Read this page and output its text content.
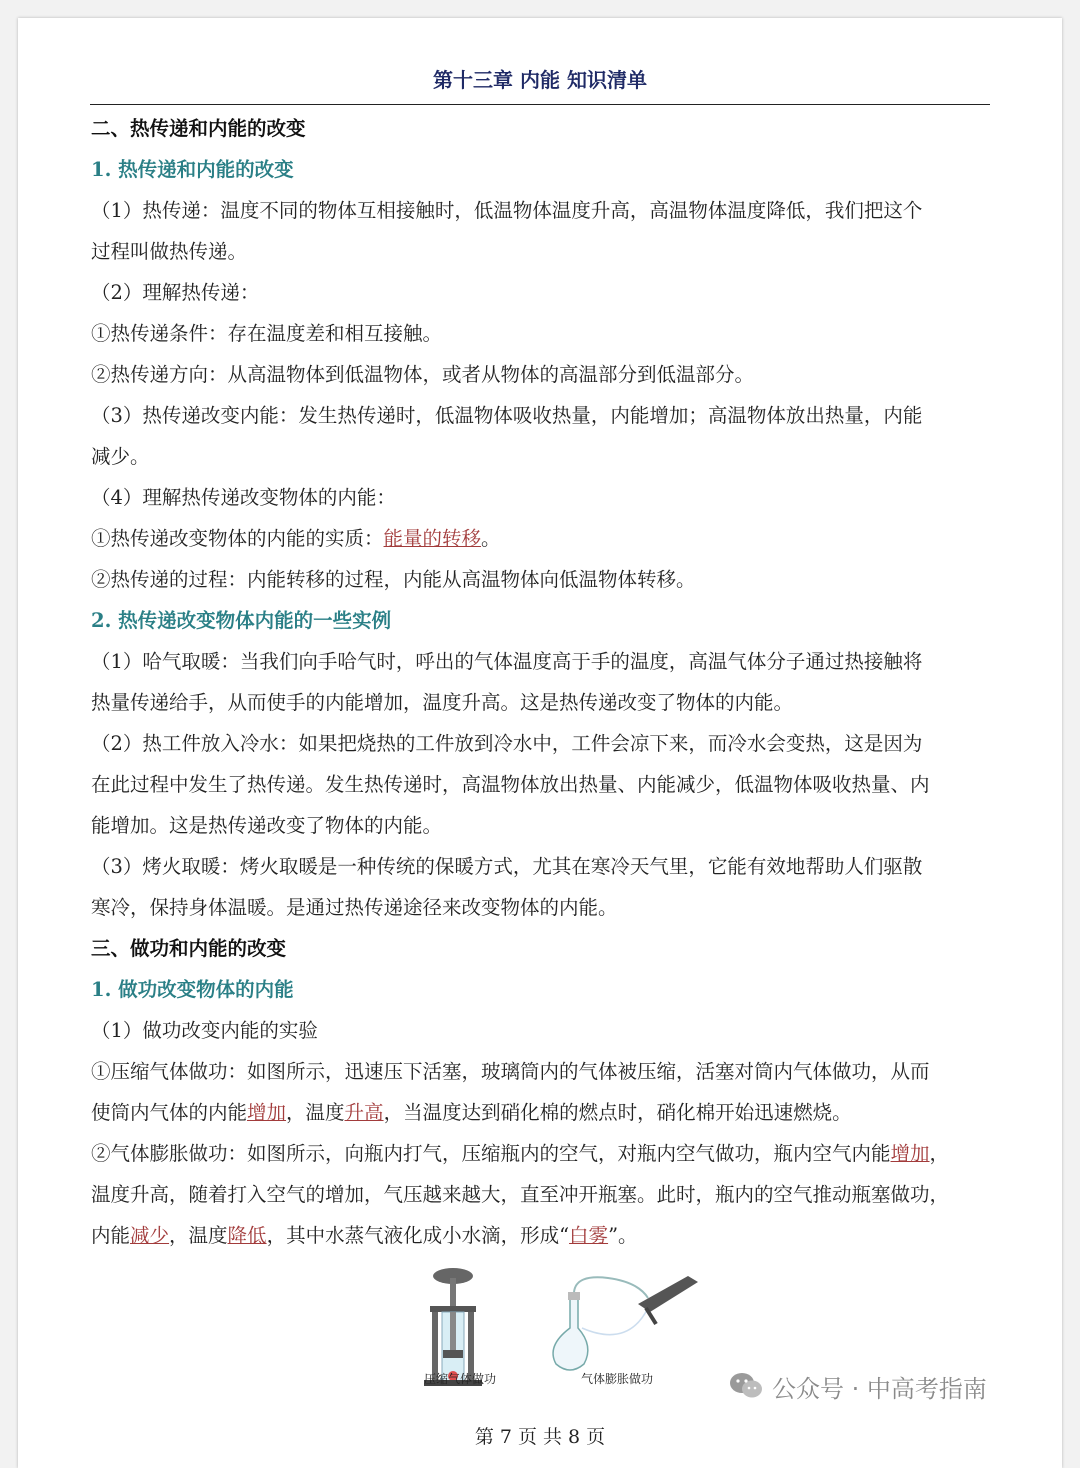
第十三章 内能 知识清单

二、热传递和内能的改变

1. 热传递和内能的改变

（1）热传递：温度不同的物体互相接触时，低温物体温度升高，高温物体温度降低，我们把这个

过程叫做热传递。

（2）理解热传递：

①热传递条件：存在温度差和相互接触。

②热传递方向：从高温物体到低温物体，或者从物体的高温部分到低温部分。

（3）热传递改变内能：发生热传递时，低温物体吸收热量，内能增加；高温物体放出热量，内能

减少。

（4）理解热传递改变物体的内能：

①热传递改变物体的内能的实质：能量的转移。

②热传递的过程：内能转移的过程，内能从高温物体向低温物体转移。

2. 热传递改变物体内能的一些实例

（1）哈气取暖：当我们向手哈气时，呼出的气体温度高于手的温度，高温气体分子通过热接触将

热量传递给手，从而使手的内能增加，温度升高。这是热传递改变了物体的内能。

（2）热工件放入冷水：如果把烧热的工件放到冷水中，工件会凉下来，而冷水会变热，这是因为

在此过程中发生了热传递。发生热传递时，高温物体放出热量、内能减少，低温物体吸收热量、内

能增加。这是热传递改变了物体的内能。

（3）烤火取暖：烤火取暖是一种传统的保暖方式，尤其在寒冷天气里，它能有效地帮助人们驱散

寒冷，保持身体温暖。是通过热传递途径来改变物体的内能。

三、做功和内能的改变

1. 做功改变物体的内能

（1）做功改变内能的实验

①压缩气体做功：如图所示，迅速压下活塞，玻璃筒内的气体被压缩，活塞对筒内气体做功，从而

使筒内气体的内能增加，温度升高，当温度达到硝化棉的燃点时，硝化棉开始迅速燃烧。

②气体膨胀做功：如图所示，向瓶内打气，压缩瓶内的空气，对瓶内空气做功，瓶内空气内能增加，

温度升高，随着打入空气的增加，气压越来越大，直至冲开瓶塞。此时，瓶内的空气推动瓶塞做功，

内能减少，温度降低，其中水蒸气液化成小水滴，形成“白雾”。

压缩气体做功	气体膨胀做功
第 7 页 共 8 页
公众号 · 中高考指南
